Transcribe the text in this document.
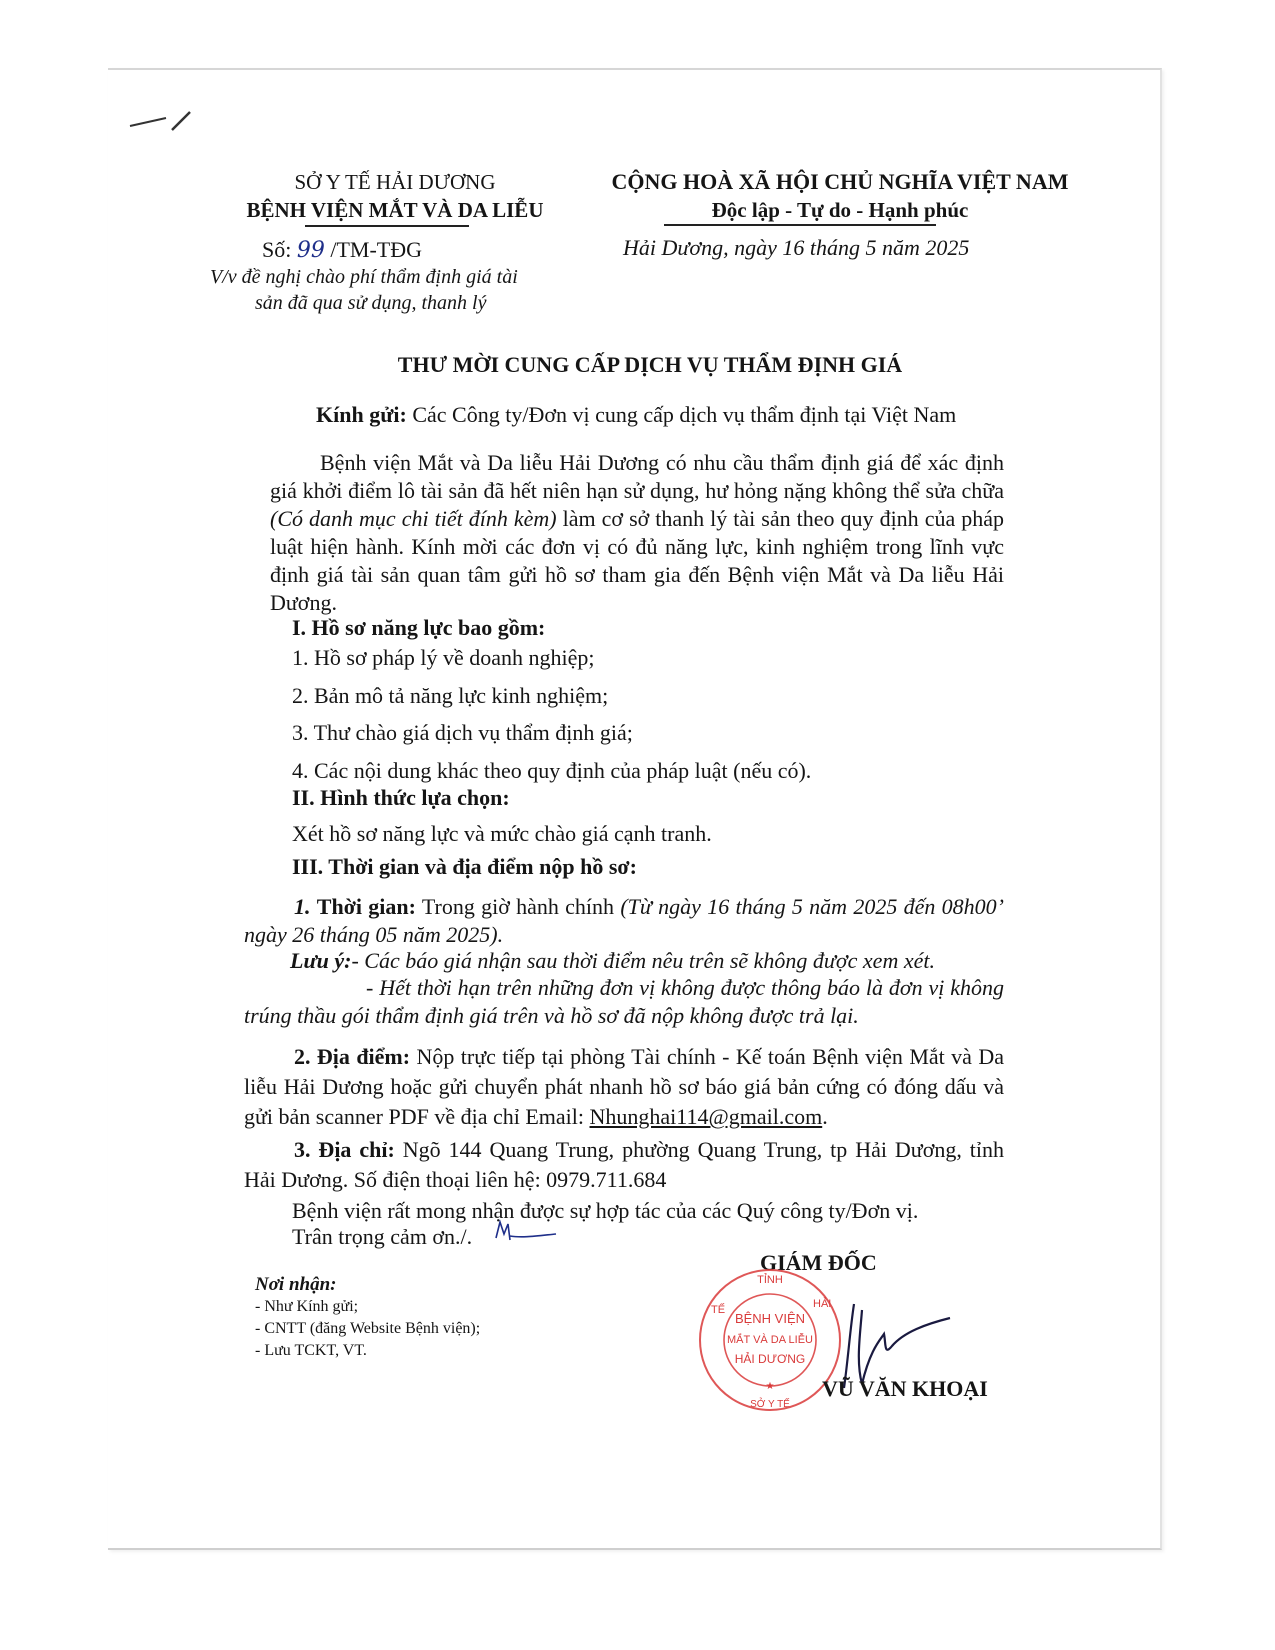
SỞ Y TẾ HẢI DƯƠNG
BỆNH VIỆN MẮT VÀ DA LIỄU
Số: 99 /TM-TĐG
V/v đề nghị chào phí thẩm định giá tài
sản đã qua sử dụng, thanh lý
CỘNG HOÀ XÃ HỘI CHỦ NGHĨA VIỆT NAM
Độc lập - Tự do - Hạnh phúc
Hải Dương, ngày 16 tháng 5 năm 2025
THƯ MỜI CUNG CẤP DỊCH VỤ THẨM ĐỊNH GIÁ
Kính gửi: Các Công ty/Đơn vị cung cấp dịch vụ thẩm định tại Việt Nam
Bệnh viện Mắt và Da liễu Hải Dương có nhu cầu thẩm định giá để xác định giá khởi điểm lô tài sản đã hết niên hạn sử dụng, hư hỏng nặng không thể sửa chữa (Có danh mục chi tiết đính kèm) làm cơ sở thanh lý tài sản theo quy định của pháp luật hiện hành. Kính mời các đơn vị có đủ năng lực, kinh nghiệm trong lĩnh vực định giá tài sản quan tâm gửi hồ sơ tham gia đến Bệnh viện Mắt và Da liễu Hải Dương.
I. Hồ sơ năng lực bao gồm:
1. Hồ sơ pháp lý về doanh nghiệp;
2. Bản mô tả năng lực kinh nghiệm;
3. Thư chào giá dịch vụ thẩm định giá;
4. Các nội dung khác theo quy định của pháp luật (nếu có).
II. Hình thức lựa chọn:
Xét hồ sơ năng lực và mức chào giá cạnh tranh.
III. Thời gian và địa điểm nộp hồ sơ:
1. Thời gian: Trong giờ hành chính (Từ ngày 16 tháng 5 năm 2025 đến 08h00’ ngày 26 tháng 05 năm 2025).
Lưu ý:- Các báo giá nhận sau thời điểm nêu trên sẽ không được xem xét.
- Hết thời hạn trên những đơn vị không được thông báo là đơn vị không trúng thầu gói thẩm định giá trên và hồ sơ đã nộp không được trả lại.
2. Địa điểm: Nộp trực tiếp tại phòng Tài chính - Kế toán Bệnh viện Mắt và Da liễu Hải Dương hoặc gửi chuyển phát nhanh hồ sơ báo giá bản cứng có đóng dấu và gửi bản scanner PDF về địa chỉ Email: Nhunghai114@gmail.com.
3. Địa chỉ: Ngõ 144 Quang Trung, phường Quang Trung, tp Hải Dương, tỉnh Hải Dương. Số điện thoại liên hệ: 0979.711.684
Bệnh viện rất mong nhận được sự hợp tác của các Quý công ty/Đơn vị.
Trân trọng cảm ơn./.
Nơi nhận:
- Như Kính gửi;
- CNTT (đăng Website Bệnh viện);
- Lưu TCKT, VT.
GIÁM ĐỐC
TỈNH
TẾ	HẢI
SỞ Y TẾ
BỆNH VIỆN
MẮT VÀ DA LIỄU
HẢI DƯƠNG
★ VŨ VĂN KHOẠI
